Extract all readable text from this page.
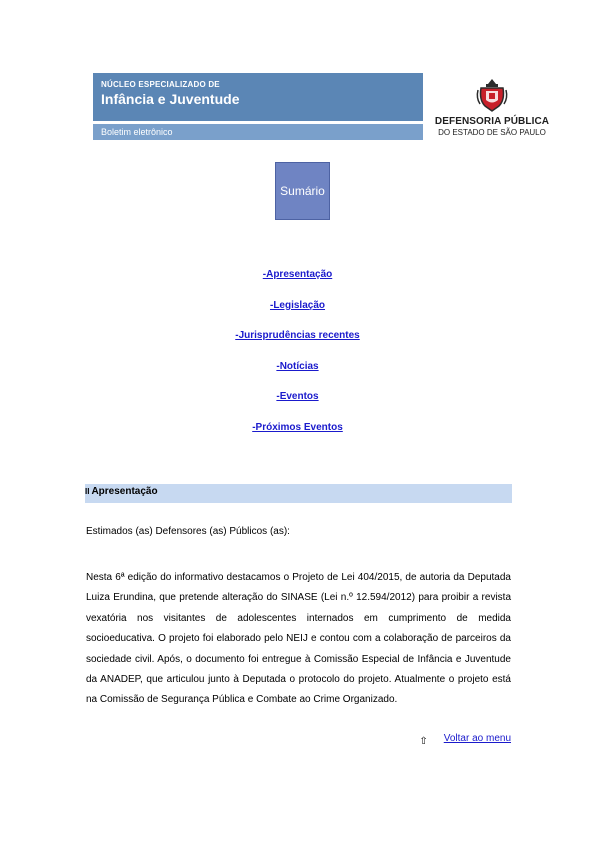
NÚCLEO ESPECIALIZADO DE
Infância e Juventude
Boletim eletrônico
DEFENSORIA PÚBLICA
DO ESTADO DE SÃO PAULO
Sumário
-Apresentação
-Legislação
-Jurisprudências recentes
-Notícias
-Eventos
-Próximos Eventos
II Apresentação
Estimados (as) Defensores (as) Públicos (as):
Nesta 6ª edição do informativo destacamos o Projeto de Lei 404/2015, de autoria da Deputada Luiza Erundina, que pretende alteração do SINASE (Lei n.º 12.594/2012) para proibir a revista vexatória nos visitantes de adolescentes internados em cumprimento de medida socioeducativa. O projeto foi elaborado pelo NEIJ e contou com a colaboração de parceiros da sociedade civil. Após, o documento foi entregue à Comissão Especial de Infância e Juventude da ANADEP, que articulou junto à Deputada o protocolo do projeto. Atualmente o projeto está na Comissão de Segurança Pública e Combate ao Crime Organizado.
⇧ Voltar ao menu
